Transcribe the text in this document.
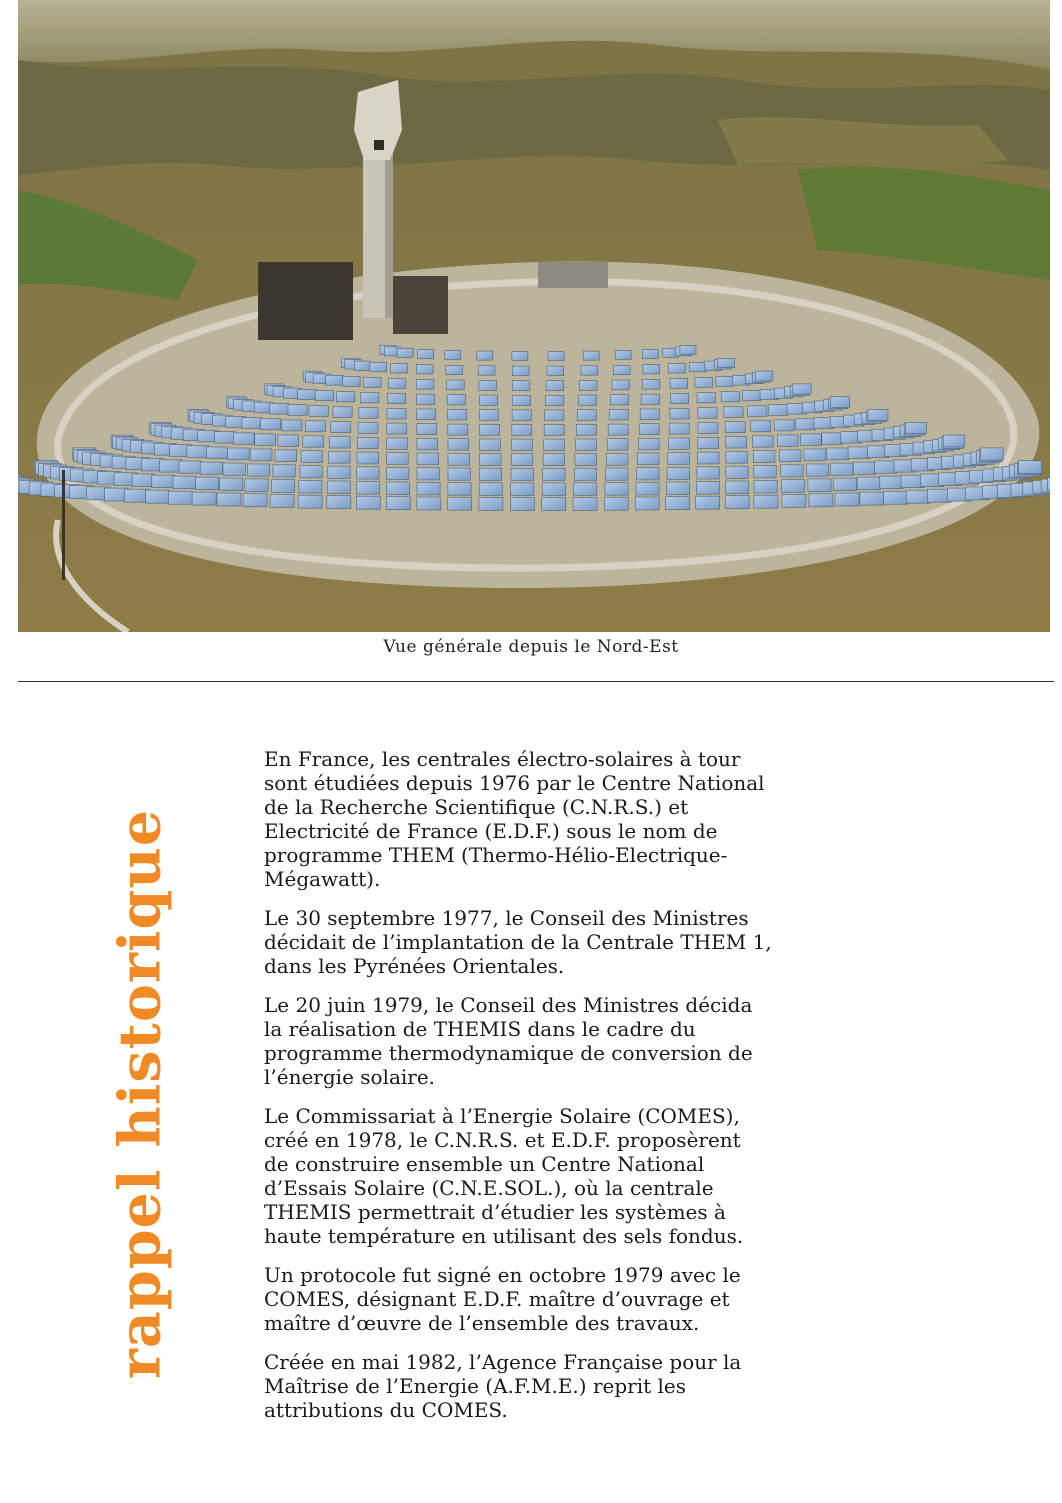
Vue générale depuis le Nord-Est
rappel historique

En France, les centrales électro-solaires à tour
sont étudiées depuis 1976 par le Centre National
de la Recherche Scientifique (C.N.R.S.) et
Electricité de France (E.D.F.) sous le nom de
programme THEM (Thermo-Hélio-Electrique-
Mégawatt).

Le 30 septembre 1977, le Conseil des Ministres
décidait de l’implantation de la Centrale THEM 1,
dans les Pyrénées Orientales.

Le 20 juin 1979, le Conseil des Ministres décida
la réalisation de THEMIS dans le cadre du
programme thermodynamique de conversion de
l’énergie solaire.

Le Commissariat à l’Energie Solaire (COMES),
créé en 1978, le C.N.R.S. et E.D.F. proposèrent
de construire ensemble un Centre National
d’Essais Solaire (C.N.E.SOL.), où la centrale
THEMIS permettrait d’étudier les systèmes à
haute température en utilisant des sels fondus.

Un protocole fut signé en octobre 1979 avec le
COMES, désignant E.D.F. maître d’ouvrage et
maître d’œuvre de l’ensemble des travaux.

Créée en mai 1982, l’Agence Française pour la
Maîtrise de l’Energie (A.F.M.E.) reprit les
attributions du COMES.
